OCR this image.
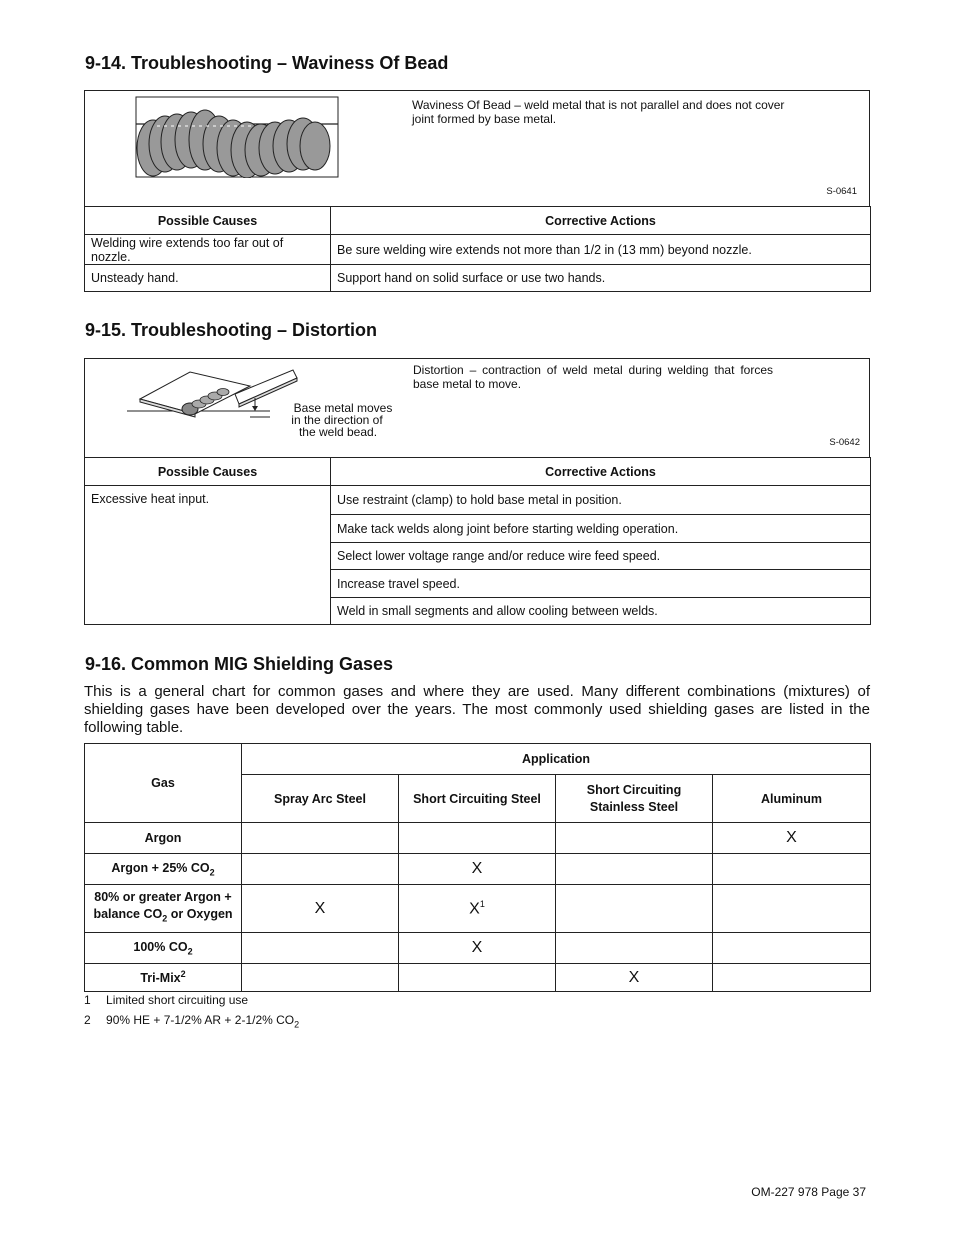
9-14. Troubleshooting – Waviness Of Bead
Waviness Of Bead – weld metal that is not parallel and does not cover joint formed by base metal.
S-0641
Possible Causes	Corrective Actions
Welding wire extends too far out of nozzle.	Be sure welding wire extends not more than 1/2 in (13 mm) beyond nozzle.
Unsteady hand.	Support hand on solid surface or use two hands.
9-15. Troubleshooting – Distortion
Base metal moves
in the direction of
the weld bead.
Distortion – contraction of weld metal during welding that forces base metal to move.
S-0642
Possible Causes	Corrective Actions
Excessive heat input.	Use restraint (clamp) to hold base metal in position.
	Make tack welds along joint before starting welding operation.
	Select lower voltage range and/or reduce wire feed speed.
	Increase travel speed.
	Weld in small segments and allow cooling between welds.
9-16. Common MIG Shielding Gases

This is a general chart for common gases and where they are used. Many different combinations (mixtures) of shielding gases have been developed over the years. The most commonly used shielding gases are listed in the following table.

Gas	Application			
	Spray Arc Steel	Short Circuiting Steel	Short Circuiting
Stainless Steel	Aluminum
Argon				X
Argon + 25% $CO_2$		X		
80% or greater Argon +
balance $CO_2$ or Oxygen	X	$X^1$		
100% $CO_2$		X		
Tri-Mix$^2$			X	
1 Limited short circuiting use
2 90% HE + 7-1/2% AR + 2-1/2% $CO_2$
OM-227 978 Page 37
